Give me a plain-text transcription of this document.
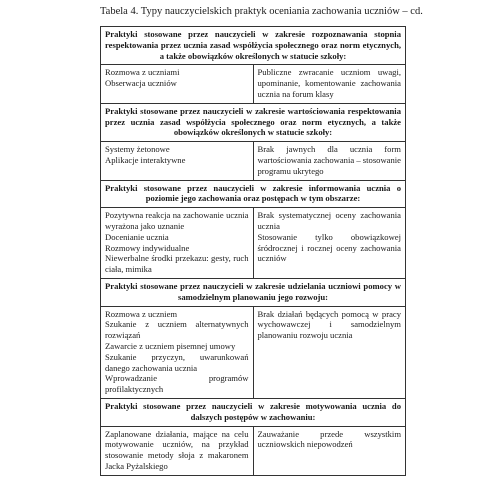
Tabela 4. Typy nauczycielskich praktyk oceniania zachowania uczniów – cd.
Praktyki stosowane przez nauczycieli w zakresie rozpoznawania stopnia respektowania przez ucznia zasad współżycia społecznego oraz norm etycznych, a także obowiązków określonych w statucie szkoły:	

Rozmowa z uczniami
Obserwacja uczniów	Publiczne zwracanie uczniom uwagi, upominanie, komentowanie zachowania ucznia na forum klasy

Praktyki stosowane przez nauczycieli w zakresie wartościowania respektowania przez ucznia zasad współżycia społecznego oraz norm etycznych, a także obowiązków określonych w statucie szkoły:	

Systemy żetonowe
Aplikacje interaktywne	Brak jawnych dla ucznia form wartościowania zachowania – stosowanie programu ukrytego

Praktyki stosowane przez nauczycieli w zakresie informowania ucznia o poziomie jego zachowania oraz postępach w tym obszarze:	

Pozytywna reakcja na zachowanie ucznia wyrażona jako uznanie
Docenianie ucznia
Rozmowy indywidualne
Niewerbalne środki przekazu: gesty, ruch ciała, mimika	Brak systematycznej oceny zachowania ucznia
Stosowanie tylko obowiązkowej śródrocznej i rocznej oceny zachowania uczniów

Praktyki stosowane przez nauczycieli w zakresie udzielania uczniowi pomocy w samodzielnym planowaniu jego rozwoju:	

Rozmowa z uczniem
Szukanie z uczniem alternatywnych rozwiązań
Zawarcie z uczniem pisemnej umowy
Szukanie przyczyn, uwarunkowań danego zachowania ucznia
Wprowadzanie programów profilaktycznych	Brak działań będących pomocą w pracy wychowawczej i samodzielnym planowaniu rozwoju ucznia

Praktyki stosowane przez nauczycieli w zakresie motywowania ucznia do dalszych postępów w zachowaniu:	

Zaplanowane działania, mające na celu motywowanie uczniów, na przykład stosowanie metody słoja z makaronem Jacka Pyżalskiego	Zauważanie przede wszystkim uczniowskich niepowodzeń
